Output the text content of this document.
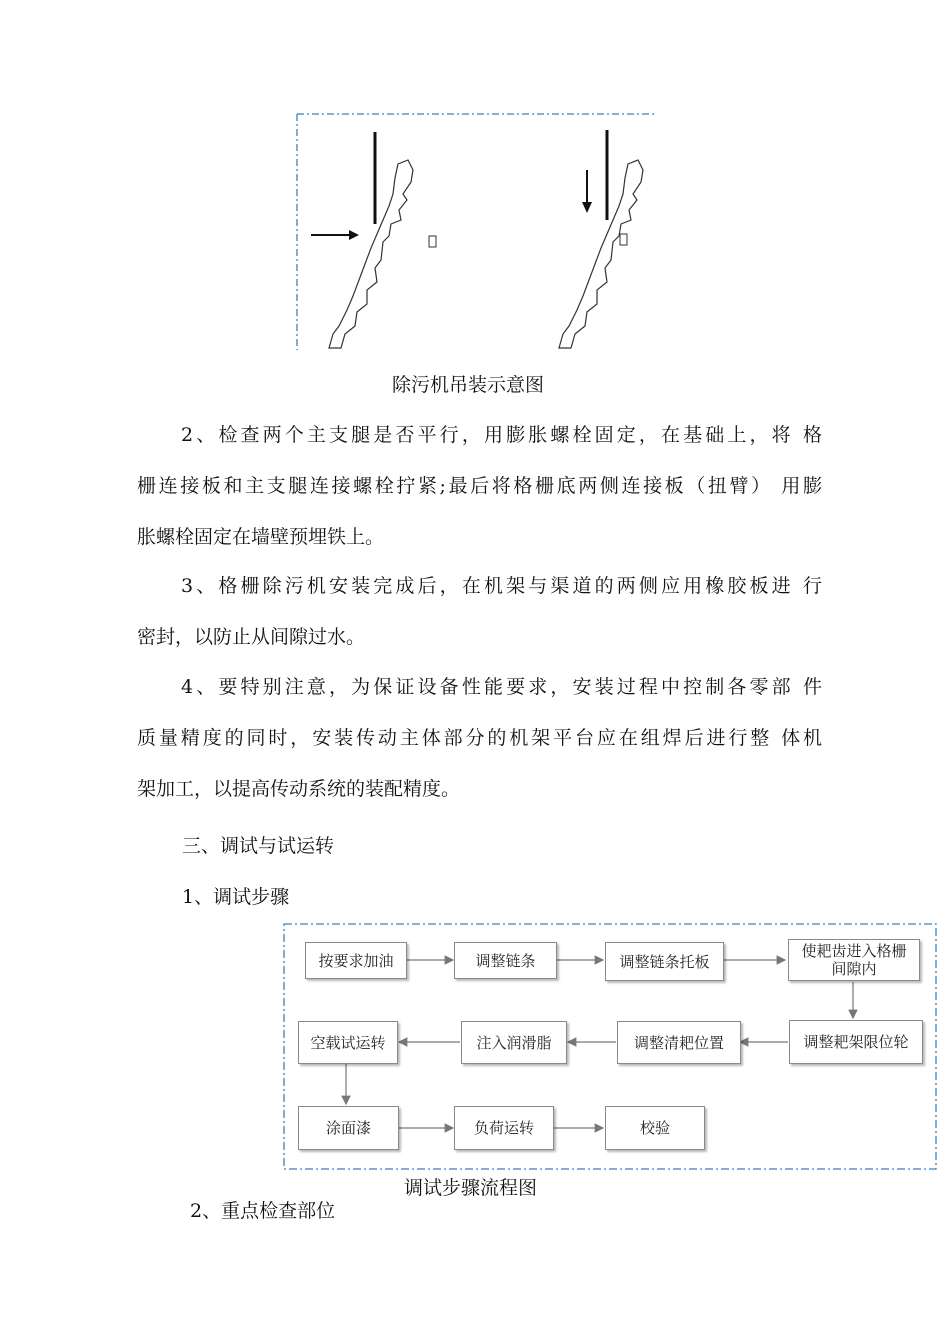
除污机吊装示意图
2、检查两个主支腿是否平行，用膨胀螺栓固定，在基础上，将 格
栅连接板和主支腿连接螺栓拧紧;最后将格栅底两侧连接板（扭臂） 用膨
胀螺栓固定在墙壁预埋铁上。
3、格栅除污机安装完成后，在机架与渠道的两侧应用橡胶板进 行
密封，以防止从间隙过水。
4、要特别注意，为保证设备性能要求，安装过程中控制各零部 件
质量精度的同时，安装传动主体部分的机架平台应在组焊后进行整 体机
架加工，以提高传动系统的装配精度。
三、调试与试运转
1、调试步骤
按要求加油	调整链条	调整链条托板
使耙齿进入格栅间隙内
调整耙架限位轮
调整清耙位置
注入润滑脂
空载试运转
涂面漆	负荷运转	校验
调试步骤流程图
2、重点检查部位
